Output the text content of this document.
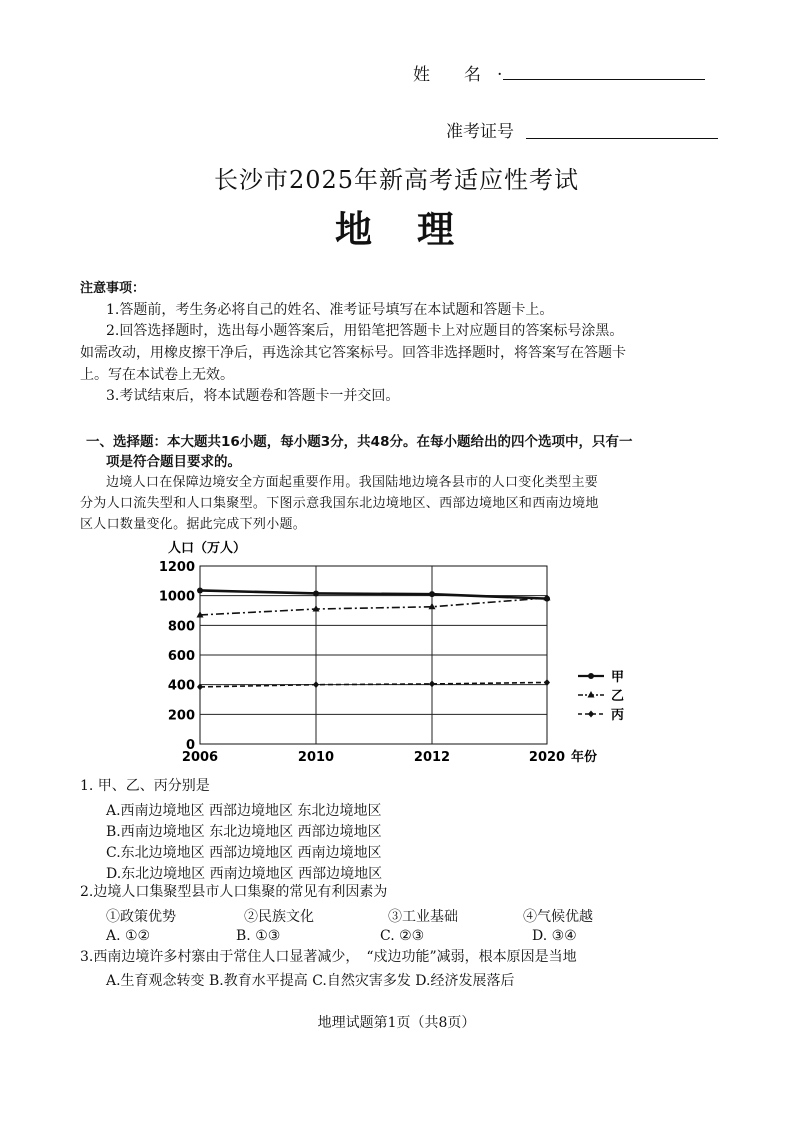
姓　　名 .
准考证号
长沙市2025年新高考适应性考试
地　理
注意事项：
1.答题前，考生务必将自己的姓名、准考证号填写在本试题和答题卡上。
2.回答选择题时，选出每小题答案后，用铅笔把答题卡上对应题目的答案标号涂黑。
如需改动，用橡皮擦干净后，再选涂其它答案标号。回答非选择题时，将答案写在答题卡
上。写在本试卷上无效。
3.考试结束后，将本试题卷和答题卡一并交回。
一、选择题：本大题共16小题，每小题3分，共48分。在每小题给出的四个选项中，只有一
项是符合题目要求的。
边境人口在保障边境安全方面起重要作用。我国陆地边境各县市的人口变化类型主要
分为人口流失型和人口集聚型。下图示意我国东北边境地区、西部边境地区和西南边境地
区人口数量变化。据此完成下列小题。
人口（万人）
0
200
400
600
800
1000
1200
2006	2010	2012	2020
甲
乙
丙
年份
1. 甲、乙、丙分别是
A.西南边境地区 西部边境地区 东北边境地区
B.西南边境地区 东北边境地区 西部边境地区
C.东北边境地区 西部边境地区 西南边境地区
D.东北边境地区 西南边境地区 西部边境地区
2.边境人口集聚型县市人口集聚的常见有利因素为
①政策优势	②民族文化	③工业基础	④气候优越
A. ①②	B. ①③	C. ②③	D. ③④
3.西南边境许多村寨由于常住人口显著减少，　“戍边功能”减弱，根本原因是当地
A.生育观念转变 B.教育水平提高 C.自然灾害多发 D.经济发展落后
地理试题第1页（共8页）
